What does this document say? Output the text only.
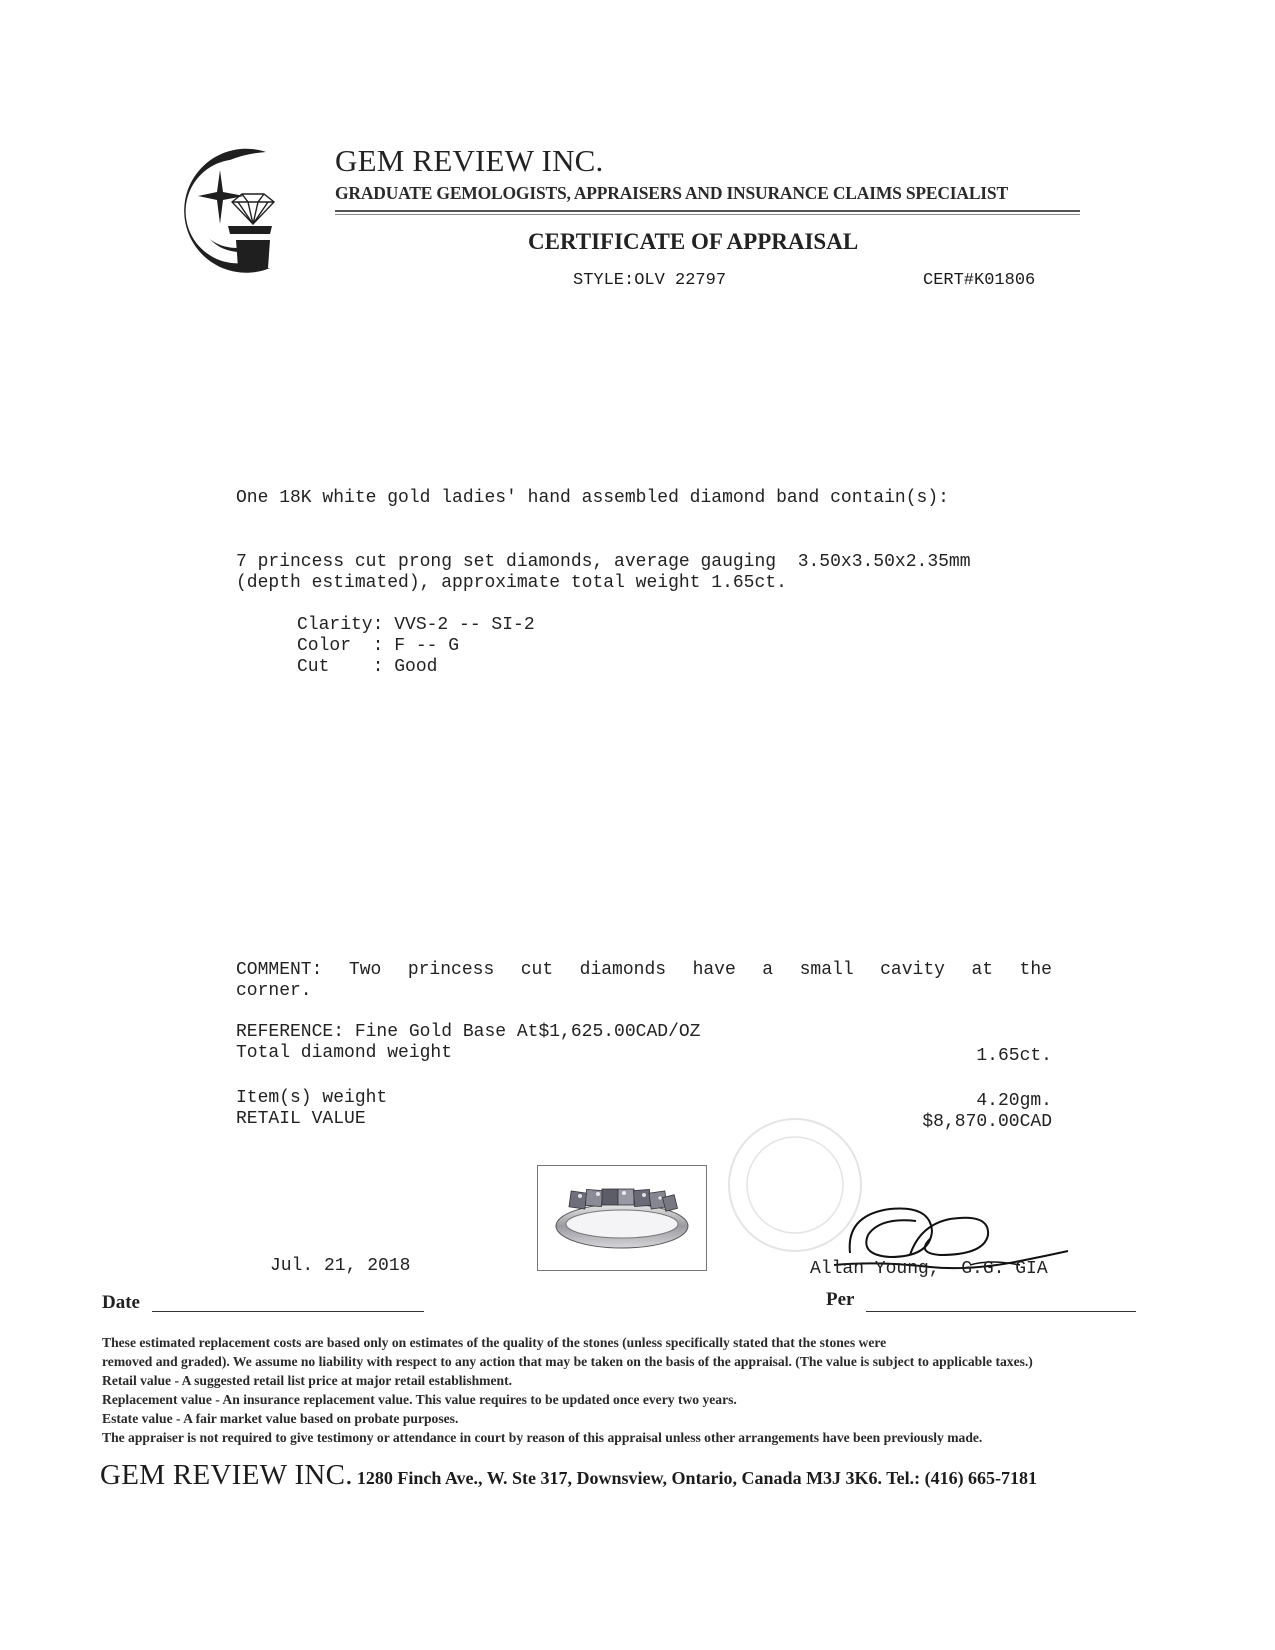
GEM REVIEW INC.
GRADUATE GEMOLOGISTS, APPRAISERS AND INSURANCE CLAIMS SPECIALIST
CERTIFICATE OF APPRAISAL
STYLE:OLV 22797	CERT#K01806
One 18K white gold ladies' hand assembled diamond band contain(s):
7 princess cut prong set diamonds, average gauging  3.50x3.50x2.35mm
(depth estimated), approximate total weight 1.65ct.
Clarity: VVS-2 -- SI-2
Color  : F -- G
Cut    : Good
COMMENT: Two princess cut diamonds have a small cavity at the
corner.
REFERENCE: Fine Gold Base At$1,625.00CAD/OZ
Total diamond weight	1.65ct.
Item(s) weight	4.20gm.
RETAIL VALUE	$8,870.00CAD
Jul. 21, 2018	Allan Young,  G.G. GIA
Date	Per
These estimated replacement costs are based only on estimates of the quality of the stones (unless specifically stated that the stones were
removed and graded). We assume no liability with respect to any action that may be taken on the basis of the appraisal. (The value is subject to applicable taxes.)
Retail value - A suggested retail list price at major retail establishment.
Replacement value - An insurance replacement value. This value requires to be updated once every two years.
Estate value - A fair market value based on probate purposes.
The appraiser is not required to give testimony or attendance in court by reason of this appraisal unless other arrangements have been previously made.
GEM REVIEW INC. 1280 Finch Ave., W. Ste 317, Downsview, Ontario, Canada M3J 3K6. Tel.: (416) 665-7181
